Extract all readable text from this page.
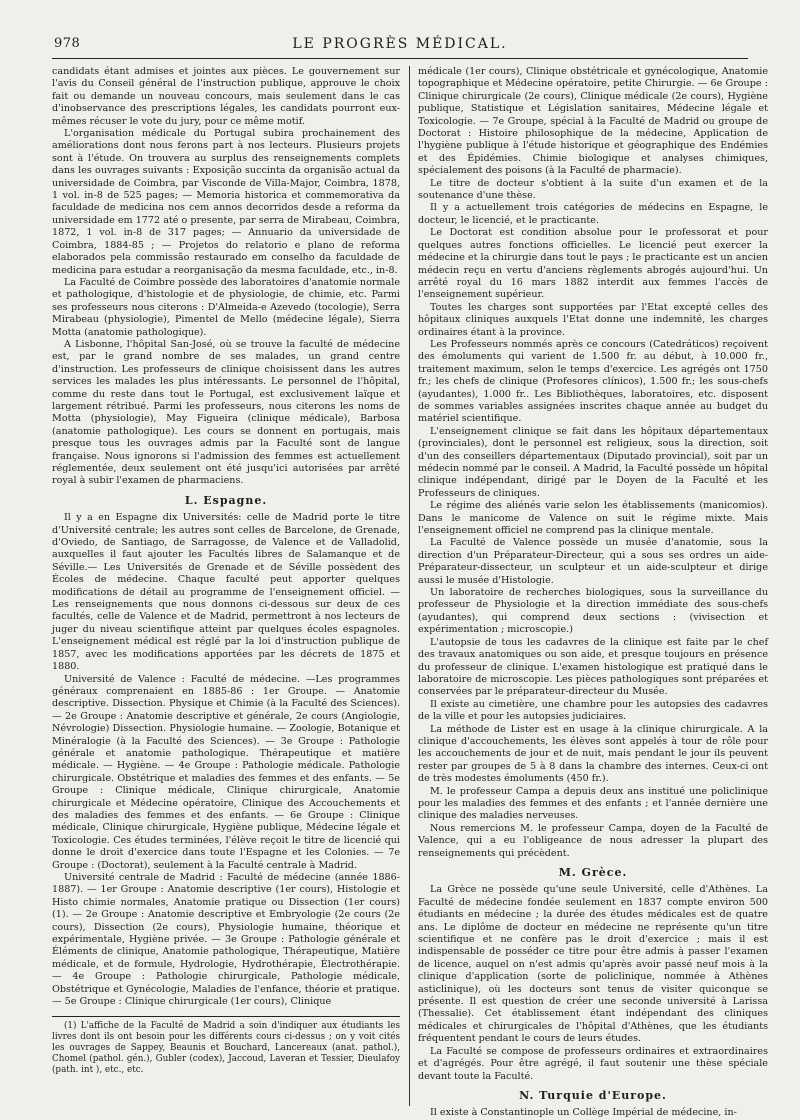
978	LE PROGRÈS MÉDICAL.

candidats étant admises et jointes aux pièces. Le gouvernement sur l'avis du Conseil général de l'instruction publique, approuve le choix fait ou demande un nouveau concours, mais seulement dans le cas d'inobservance des prescriptions légales, les candidats pourront eux-mêmes récuser le vote du jury, pour ce même motif.

L'organisation médicale du Portugal subira prochainement des améliorations dont nous ferons part à nos lecteurs. Plusieurs projets sont à l'étude. On trouvera au surplus des renseignements complets dans les ouvrages suivants : Exposição succinta da organisão actual da universidade de Coimbra, par Visconde de Villa-Major, Coimbra, 1878, 1 vol. in-8 de 525 pages; — Memoria historica et commemorativa da faculdade de medicina nos cem annos decorridos desde a reforma da universidade em 1772 até o presente, par serra de Mirabeau, Coimbra, 1872, 1 vol. in-8 de 317 pages; — Annuario da universidade de Coimbra, 1884-85 ; — Projetos do relatorio e plano de reforma elaborados pela commissão restaurado em conselho da faculdade de medicina para estudar a reorganisação da mesma faculdade, etc., in-8.

La Faculté de Coimbre possède des laboratoires d'anatomie normale et pathologique, d'histologie et de physiologie, de chimie, etc. Parmi ses professeurs nous citerons : D'Almeida-e Azevedo (tocologie), Serra Mirabeau (physiologie), Pimentel de Mello (médecine légale), Sierra Motta (anatomie pathologique).

A Lisbonne, l'hôpital San-José, où se trouve la faculté de médecine est, par le grand nombre de ses malades, un grand centre d'instruction. Les professeurs de clinique choisissent dans les autres services les malades les plus intéressants. Le personnel de l'hôpital, comme du reste dans tout le Portugal, est exclusivement laïque et largement rétribué. Parmi les professeurs, nous citerons les noms de Motta (physiologie), May Figueira (clinique médicale), Barbosa (anatomie pathologique). Les cours se donnent en portugais, mais presque tous les ouvrages admis par la Faculté sont de langue française. Nous ignorons si l'admission des femmes est actuellement réglementée, deux seulement ont été jusqu'ici autorisées par arrêté royal à subir l'examen de pharmaciens.

L. Espagne.

Il y a en Espagne dix Universités: celle de Madrid porte le titre d'Université centrale; les autres sont celles de Barcelone, de Grenade, d'Oviedo, de Santiago, de Sarragosse, de Valence et de Valladolid, auxquelles il faut ajouter les Facultés libres de Salamanque et de Séville.— Les Universités de Grenade et de Séville possèdent des Écoles de médecine. Chaque faculté peut apporter quelques modifications de détail au programme de l'enseignement officiel. — Les renseignements que nous donnons ci-dessous sur deux de ces facultés, celle de Valence et de Madrid, permettront à nos lecteurs de juger du niveau scientifique atteint par quelques écoles espagnoles. L'enseignement médical est réglé par la loi d'instruction publique de 1857, avec les modifications apportées par les décrets de 1875 et 1880.

Université de Valence : Faculté de médecine. —Les programmes généraux comprenaient en 1885-86 : 1er Groupe. — Anatomie descriptive. Dissection. Physique et Chimie (à la Faculté des Sciences). — 2e Groupe : Anatomie descriptive et générale, 2e cours (Angiologie, Névrologie) Dissection. Physiologie humaine. — Zoologie, Botanique et Minéralogie (à la Faculté des Sciences). — 3e Groupe : Pathologie générale et anatomie pathologique. Thérapeutique et matière médicale. — Hygiène. — 4e Groupe : Pathologie médicale. Pathologie chirurgicale. Obstétrique et maladies des femmes et des enfants. — 5e Groupe : Clinique médicale, Clinique chirurgicale, Anatomie chirurgicale et Médecine opératoire, Clinique des Accouchements et des maladies des femmes et des enfants. — 6e Groupe : Clinique médicale, Clinique chirurgicale, Hygiène publique, Médecine légale et Toxicologie. Ces études terminées, l'élève reçoit le titre de licencié qui donne le droit d'exercice dans toute l'Espagne et les Colonies. — 7e Groupe : (Doctorat), seulement à la Faculté centrale à Madrid.

Université centrale de Madrid : Faculté de médecine (année 1886-1887). — 1er Groupe : Anatomie descriptive (1er cours), Histologie et Histo chimie normales, Anatomie pratique ou Dissection (1er cours) (1). — 2e Groupe : Anatomie descriptive et Embryologie (2e cours (2e cours), Dissection (2e cours), Physiologie humaine, théorique et expérimentale, Hygiène privée. — 3e Groupe : Pathologie générale et Éléments de clinique, Anatomie pathologique, Thérapeutique, Matière médicale, et de formule, Hydrologie, Hydrothérapie, Électrothérapie. — 4e Groupe : Pathologie chirurgicale, Pathologie médicale, Obstétrique et Gynécologie, Maladies de l'enfance, théorie et pratique. — 5e Groupe : Clinique chirurgicale (1er cours), Clinique

(1) L'affiche de la Faculté de Madrid a soin d'indiquer aux étudiants les livres dont ils ont besoin pour les différents cours ci-dessus ; on y voit cités les ouvrages de Sappey, Beaunis et Bouchard, Lancereaux (anat. pathol.), Chomel (pathol. gén.), Gubler (codex), Jaccoud, Laveran et Tessier, Dieulafoy (path. int ), etc., etc.

médicale (1er cours), Clinique obstétricale et gynécologique, Anatomie topographique et Médecine opératoire, petite Chirurgie. — 6e Groupe : Clinique chirurgicale (2e cours), Clinique médicale (2e cours), Hygiène publique, Statistique et Législation sanitaires, Médecine légale et Toxicologie. — 7e Groupe, spécial à la Faculté de Madrid ou groupe de Doctorat : Histoire philosophique de la médecine, Application de l'hygiène publique à l'étude historique et géographique des Endémies et des Épidémies. Chimie biologique et analyses chimiques, spécialement des poisons (à la Faculté de pharmacie).

Le titre de docteur s'obtient à la suite d'un examen et de la soutenance d'une thèse.

Il y a actuellement trois catégories de médecins en Espagne, le docteur, le licencié, et le practicante.

Le Doctorat est condition absolue pour le professorat et pour quelques autres fonctions officielles. Le licencié peut exercer la médecine et la chirurgie dans tout le pays ; le practicante est un ancien médecin reçu en vertu d'anciens règlements abrogés aujourd'hui. Un arrêté royal du 16 mars 1882 interdit aux femmes l'accès de l'enseignement supérieur.

Toutes les charges sont supportées par l'Etat excepté celles des hôpitaux cliniques auxquels l'Etat donne une indemnité, les charges ordinaires étant à la province.

Les Professeurs nommés après ce concours (Catedráticos) reçoivent des émoluments qui varient de 1.500 fr. au début, à 10.000 fr., traitement maximum, selon le temps d'exercice. Les agrégés ont 1750 fr.; les chefs de clinique (Profesores clínicos), 1.500 fr.; les sous-chefs (ayudantes), 1.000 fr.. Les Bibliothèques, laboratoires, etc. disposent de sommes variables assignées inscrites chaque année au budget du matériel scientifique.

L'enseignement clinique se fait dans les hôpitaux départementaux (provinciales), dont le personnel est religieux, sous la direction, soit d'un des conseillers départementaux (Diputado provincial), soit par un médecin nommé par le conseil. A Madrid, la Faculté possède un hôpital clinique indépendant, dirigé par le Doyen de la Faculté et les Professeurs de cliniques.

Le régime des aliénés varie selon les établissements (manicomios). Dans le manicome de Valence on suit le régime mixte. Mais l'enseignement officiel ne comprend pas la clinique mentale.

La Faculté de Valence possède un musée d'anatomie, sous la direction d'un Préparateur-Directeur, qui a sous ses ordres un aide-Préparateur-dissecteur, un sculpteur et un aide-sculpteur et dirige aussi le musée d'Histologie.

Un laboratoire de recherches biologiques, sous la surveillance du professeur de Physiologie et la direction immédiate des sous-chefs (ayudantes), qui comprend deux sections : (vivisection et expérimentation ; microscopie.)

L'autopsie de tous les cadavres de la clinique est faite par le chef des travaux anatomiques ou son aide, et presque toujours en présence du professeur de clinique. L'examen histologique est pratiqué dans le laboratoire de microscopie. Les pièces pathologiques sont préparées et conservées par le préparateur-directeur du Musée.

Il existe au cimetière, une chambre pour les autopsies des cadavres de la ville et pour les autopsies judiciaires.

La méthode de Lister est en usage à la clinique chirurgicale. A la clinique d'accouchements, les élèves sont appelés à tour de rôle pour les accouchements de jour et de nuit, mais pendant le jour ils peuvent rester par groupes de 5 à 8 dans la chambre des internes. Ceux-ci ont de très modestes émoluments (450 fr.).

M. le professeur Campa a depuis deux ans institué une policlinique pour les maladies des femmes et des enfants ; et l'année dernière une clinique des maladies nerveuses.

Nous remercions M. le professeur Campa, doyen de la Faculté de Valence, qui a eu l'obligeance de nous adresser la plupart des renseignements qui précèdent.

M. Grèce.

La Grèce ne possède qu'une seule Université, celle d'Athènes. La Faculté de médecine fondée seulement en 1837 compte environ 500 étudiants en médecine ; la durée des études médicales est de quatre ans. Le diplôme de docteur en médecine ne représente qu'un titre scientifique et ne confère pas le droit d'exercice ; mais il est indispensable de posséder ce titre pour être admis à passer l'examen de licence, auquel on n'est admis qu'après avoir passé neuf mois à la clinique d'application (sorte de policlinique, nommée à Athènes asticlinique), où les docteurs sont tenus de visiter quiconque se présente. Il est question de créer une seconde université à Larissa (Thessalie). Cet établissement étant indépendant des cliniques médicales et chirurgicales de l'hôpital d'Athènes, que les étudiants fréquentent pendant le cours de leurs études.

La Faculté se compose de professeurs ordinaires et extraordinaires et d'agrégés. Pour être agrégé, il faut soutenir une thèse spéciale devant toute la Faculté.

N. Turquie d'Europe.

Il existe à Constantinople un Collège Impérial de médecine, in-
